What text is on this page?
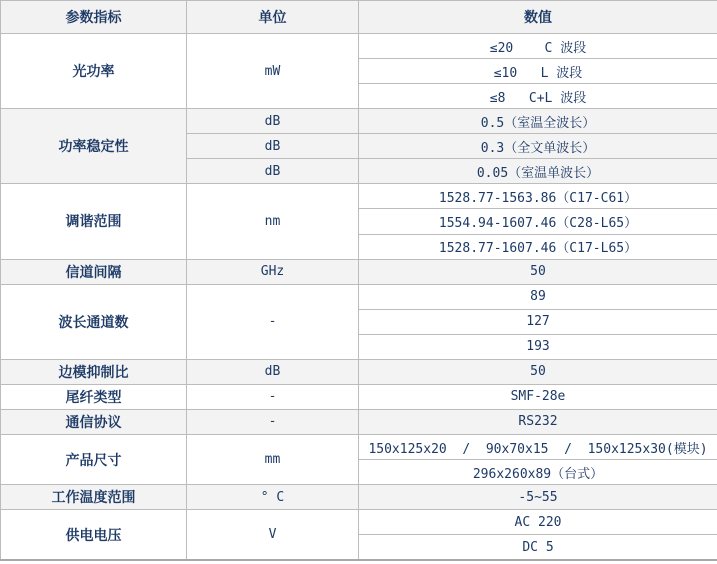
参数指标	单位	数值
光功率	mW	≤20    C 波段
		≤10   L 波段
		≤8   C+L 波段
功率稳定性	dB	0.5（室温全波长）
	dB	0.3（全文单波长）
	dB	0.05（室温单波长）
调谐范围	nm	1528.77-1563.86（C17-C61）
		1554.94-1607.46（C28-L65）
		1528.77-1607.46（C17-L65）
信道间隔	GHz	50
波长通道数	-	89
		127
		193
边模抑制比	dB	50
尾纤类型	-	SMF-28e
通信协议	-	RS232
产品尺寸	mm	150x125x20  /  90x70x15  /  150x125x30(模块)
		296x260x89（台式）
工作温度范围	° C	-5~55
供电电压	V	AC 220
		DC 5
